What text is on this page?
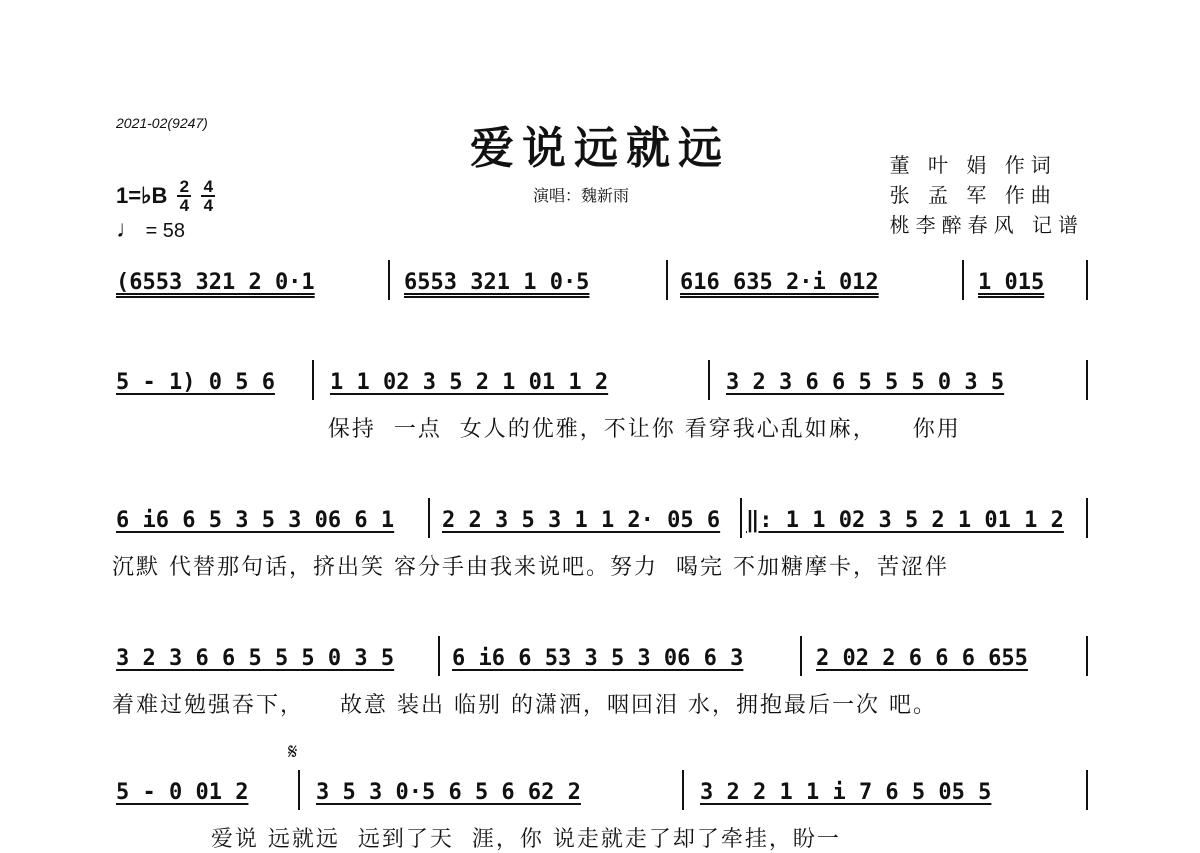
2021-02(9247)	爱说远就远
演唱：魏新雨
董 叶 娟 作词
张 孟 军 作曲
桃李醉春风 记谱
1=♭B $\frac{2}{4} \frac{4}{4}$
♩ = 58
(6553 321 2 0·1	6553 321 1 0·5	616 635 2·i 012	1 015
5 - 1) 0 5 6	1 1 02 3 5 2 1 01 1 2	3 2 3 6 6 5 5 5 0 3 5
保持  一点  女人的优雅，不让你 看穿我心乱如麻，    你用
6 i6 6 5 3 5 3 06 6 1 2 2 3 5 3 1 1 2· 05 6 ‖: 1 1 02 3 5 2 1 01 1 2
沉默 代替那句话，挤出笑 容分手由我来说吧。努力  喝完 不加糖摩卡，苦涩伴
3 2 3 6 6 5 5 5 0 3 5	6 i6 6 53 3 5 3 06 6 3	2 02 2 6 6 6 655
着难过勉强吞下，    故意 装出 临别 的潇洒，咽回泪 水，拥抱最后一次 吧。
𝄋
5 - 0 01 2	3 5 3 0·5 6 5 6 62 2	3 2 2 1 1 i 7 6 5 05 5
爱说 远就远  远到了天  涯，你 说走就走了却了牵挂，盼一
